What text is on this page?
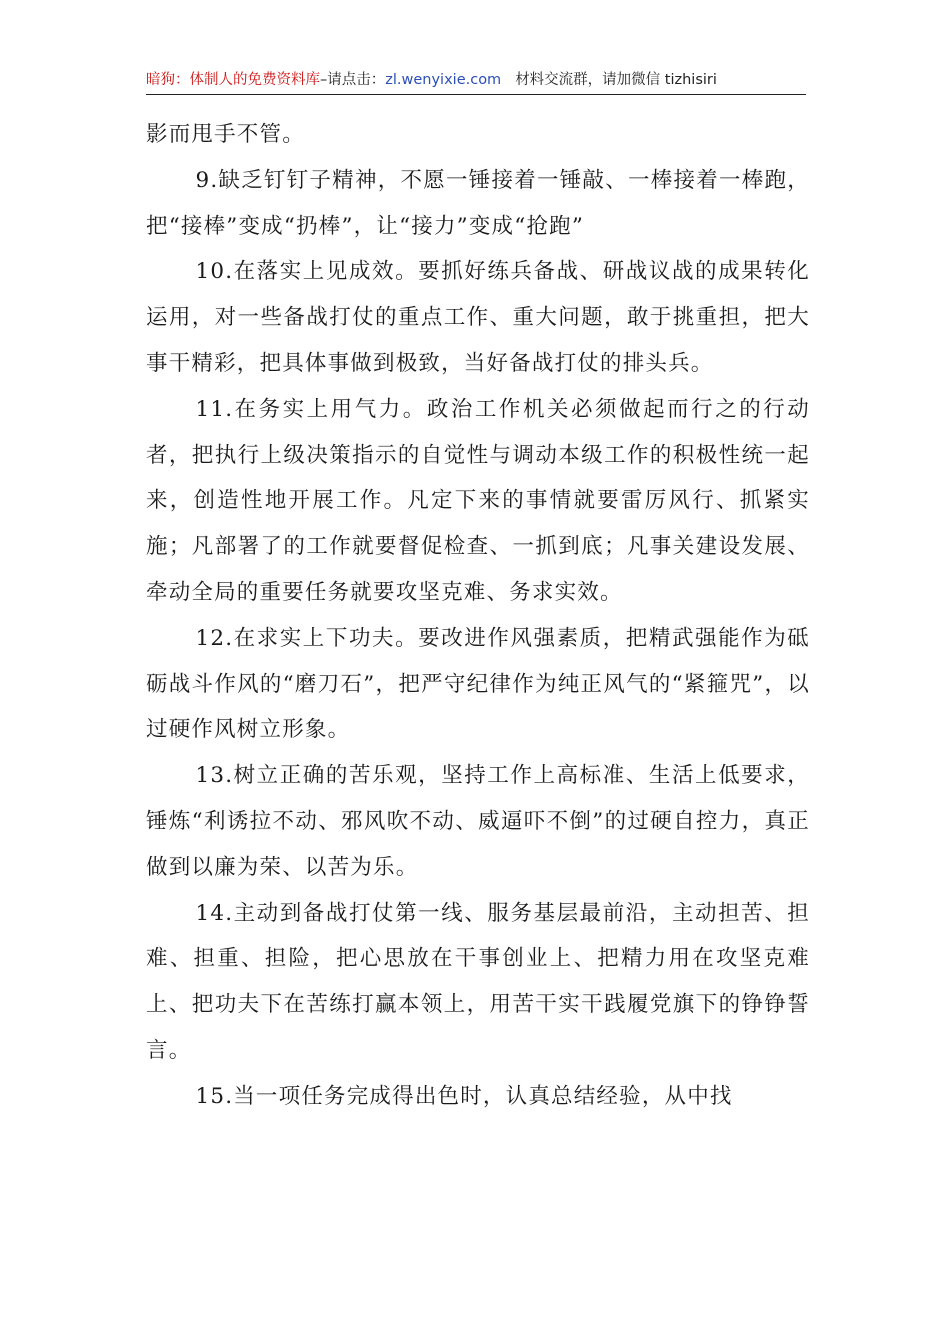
暗狗：体制人的免费资料库–请点击：zl.wenyixie.com 材料交流群，请加微信 tizhisiri

影而甩手不管。

9.缺乏钉钉子精神，不愿一锤接着一锤敲、一棒接着一棒跑，把“接棒”变成“扔棒”，让“接力”变成“抢跑”

10.在落实上见成效。要抓好练兵备战、研战议战的成果转化运用，对一些备战打仗的重点工作、重大问题，敢于挑重担，把大事干精彩，把具体事做到极致，当好备战打仗的排头兵。

11.在务实上用气力。政治工作机关必须做起而行之的行动者，把执行上级决策指示的自觉性与调动本级工作的积极性统一起来，创造性地开展工作。凡定下来的事情就要雷厉风行、抓紧实施；凡部署了的工作就要督促检查、一抓到底；凡事关建设发展、牵动全局的重要任务就要攻坚克难、务求实效。

12.在求实上下功夫。要改进作风强素质，把精武强能作为砥砺战斗作风的“磨刀石”，把严守纪律作为纯正风气的“紧箍咒”，以过硬作风树立形象。

13.树立正确的苦乐观，坚持工作上高标准、生活上低要求，锤炼“利诱拉不动、邪风吹不动、威逼吓不倒”的过硬自控力，真正做到以廉为荣、以苦为乐。

14.主动到备战打仗第一线、服务基层最前沿，主动担苦、担难、担重、担险，把心思放在干事创业上、把精力用在攻坚克难上、把功夫下在苦练打赢本领上，用苦干实干践履党旗下的铮铮誓言。

15.当一项任务完成得出色时，认真总结经验，从中找
